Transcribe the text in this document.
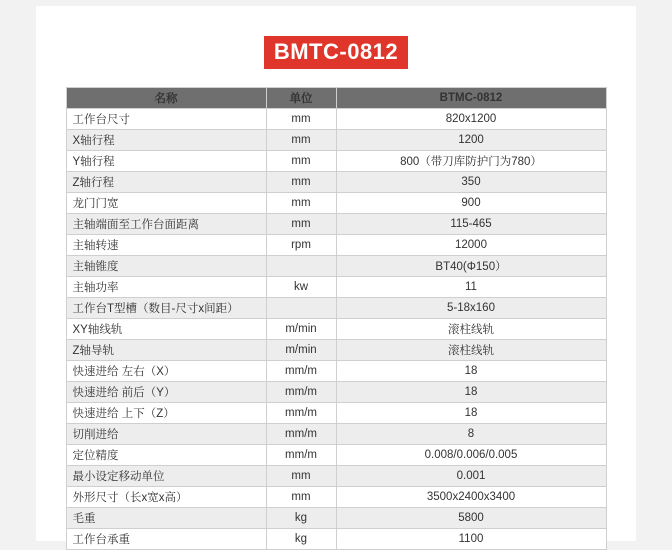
BMTC-0812
名称	单位	BTMC-0812
工作台尺寸	mm	820x1200
X轴行程	mm	1200
Y轴行程	mm	800（带刀库防护门为780）
Z轴行程	mm	350
龙门门宽	mm	900
主轴端面至工作台面距离	mm	115-465
主轴转速	rpm	12000
主轴锥度		BT40(Φ150）
主轴功率	kw	11
工作台T型槽（数目-尺寸x间距）		5-18x160
XY轴线轨	m/min	滚柱线轨
Z轴导轨	m/min	滚柱线轨
快速进给 左右（X）	mm/m	18
快速进给 前后（Y）	mm/m	18
快速进给 上下（Z）	mm/m	18
切削进给	mm/m	8
定位精度	mm/m	0.008/0.006/0.005
最小设定移动单位	mm	0.001
外形尺寸（长x宽x高）	mm	3500x2400x3400
毛重	kg	5800
工作台承重	kg	1100
